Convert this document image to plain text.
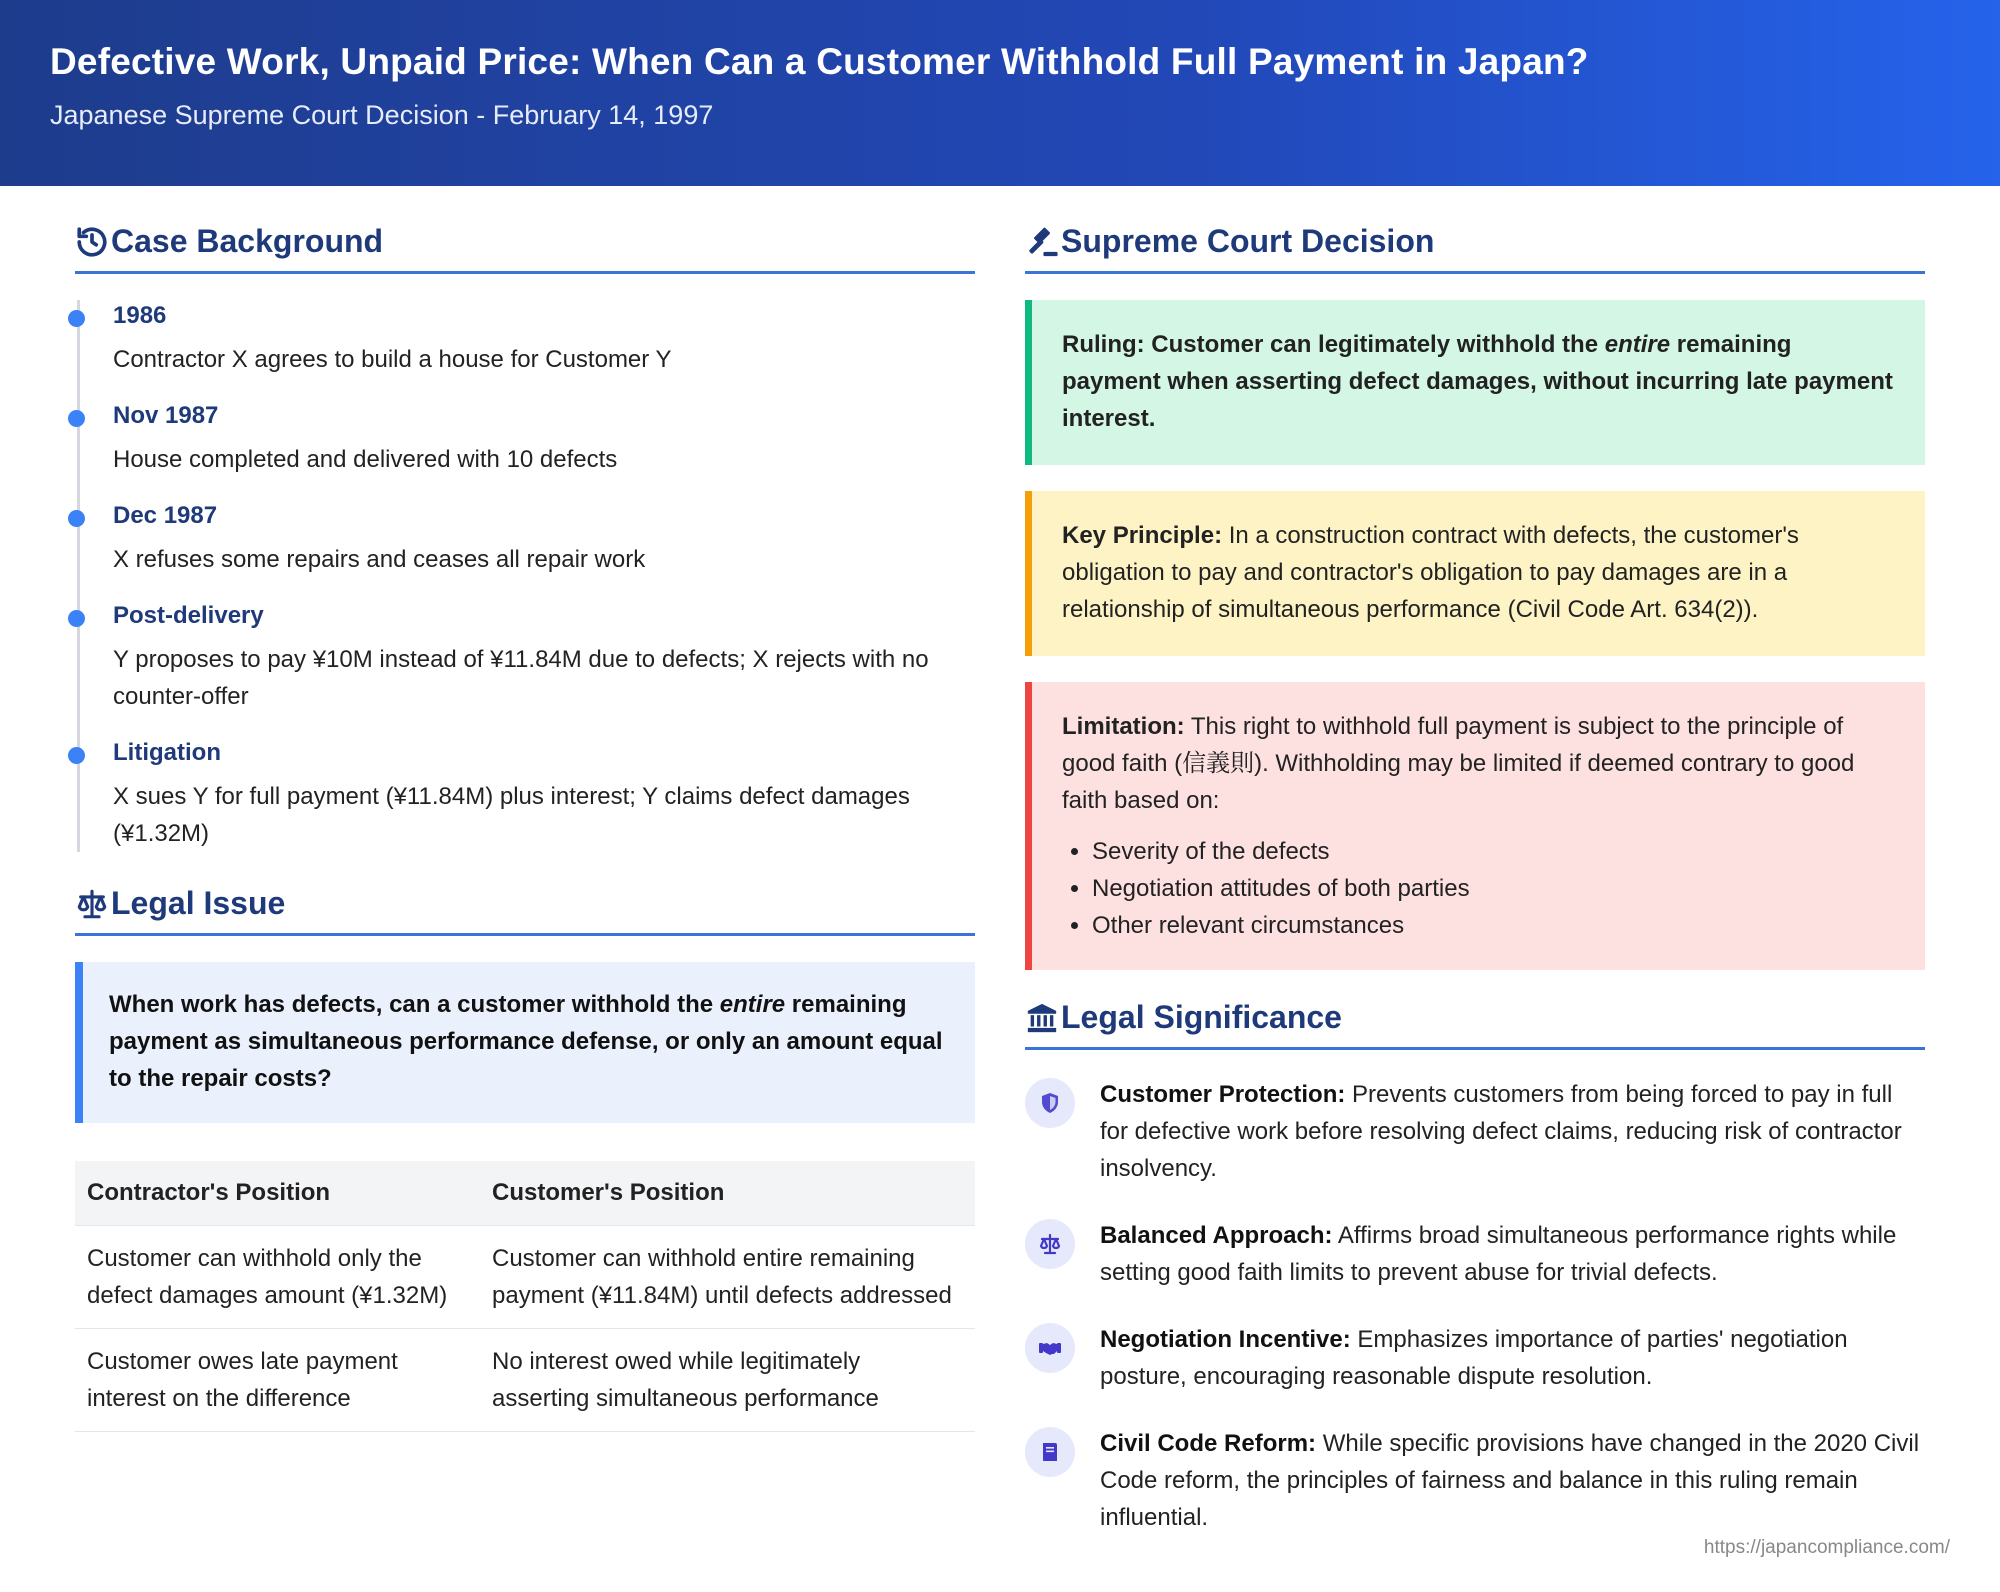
Defective Work, Unpaid Price: When Can a Customer Withhold Full Payment in Japan?
Japanese Supreme Court Decision - February 14, 1997
Case Background
1986
Contractor X agrees to build a house for Customer Y
Nov 1987
House completed and delivered with 10 defects
Dec 1987
X refuses some repairs and ceases all repair work
Post-delivery
Y proposes to pay ¥10M instead of ¥11.84M due to defects; X rejects with no counter-offer
Litigation
X sues Y for full payment (¥11.84M) plus interest; Y claims defect damages (¥1.32M)
Legal Issue
When work has defects, can a customer withhold the entire remaining payment as simultaneous performance defense, or only an amount equal to the repair costs?
Contractor's Position	Customer's Position
Customer can withhold only the defect damages amount (¥1.32M)	Customer can withhold entire remaining payment (¥11.84M) until defects addressed
Customer owes late payment interest on the difference	No interest owed while legitimately asserting simultaneous performance
Supreme Court Decision
Ruling: Customer can legitimately withhold the entire remaining payment when asserting defect damages, without incurring late payment interest.
Key Principle: In a construction contract with defects, the customer's obligation to pay and contractor's obligation to pay damages are in a relationship of simultaneous performance (Civil Code Art. 634(2)).
Limitation: This right to withhold full payment is subject to the principle of good faith (信義則). Withholding may be limited if deemed contrary to good faith based on:
• Severity of the defects
• Negotiation attitudes of both parties
• Other relevant circumstances
Legal Significance
Customer Protection: Prevents customers from being forced to pay in full for defective work before resolving defect claims, reducing risk of contractor insolvency.
Balanced Approach: Affirms broad simultaneous performance rights while setting good faith limits to prevent abuse for trivial defects.
Negotiation Incentive: Emphasizes importance of parties' negotiation posture, encouraging reasonable dispute resolution.
Civil Code Reform: While specific provisions have changed in the 2020 Civil Code reform, the principles of fairness and balance in this ruling remain influential.
https://japancompliance.com/
